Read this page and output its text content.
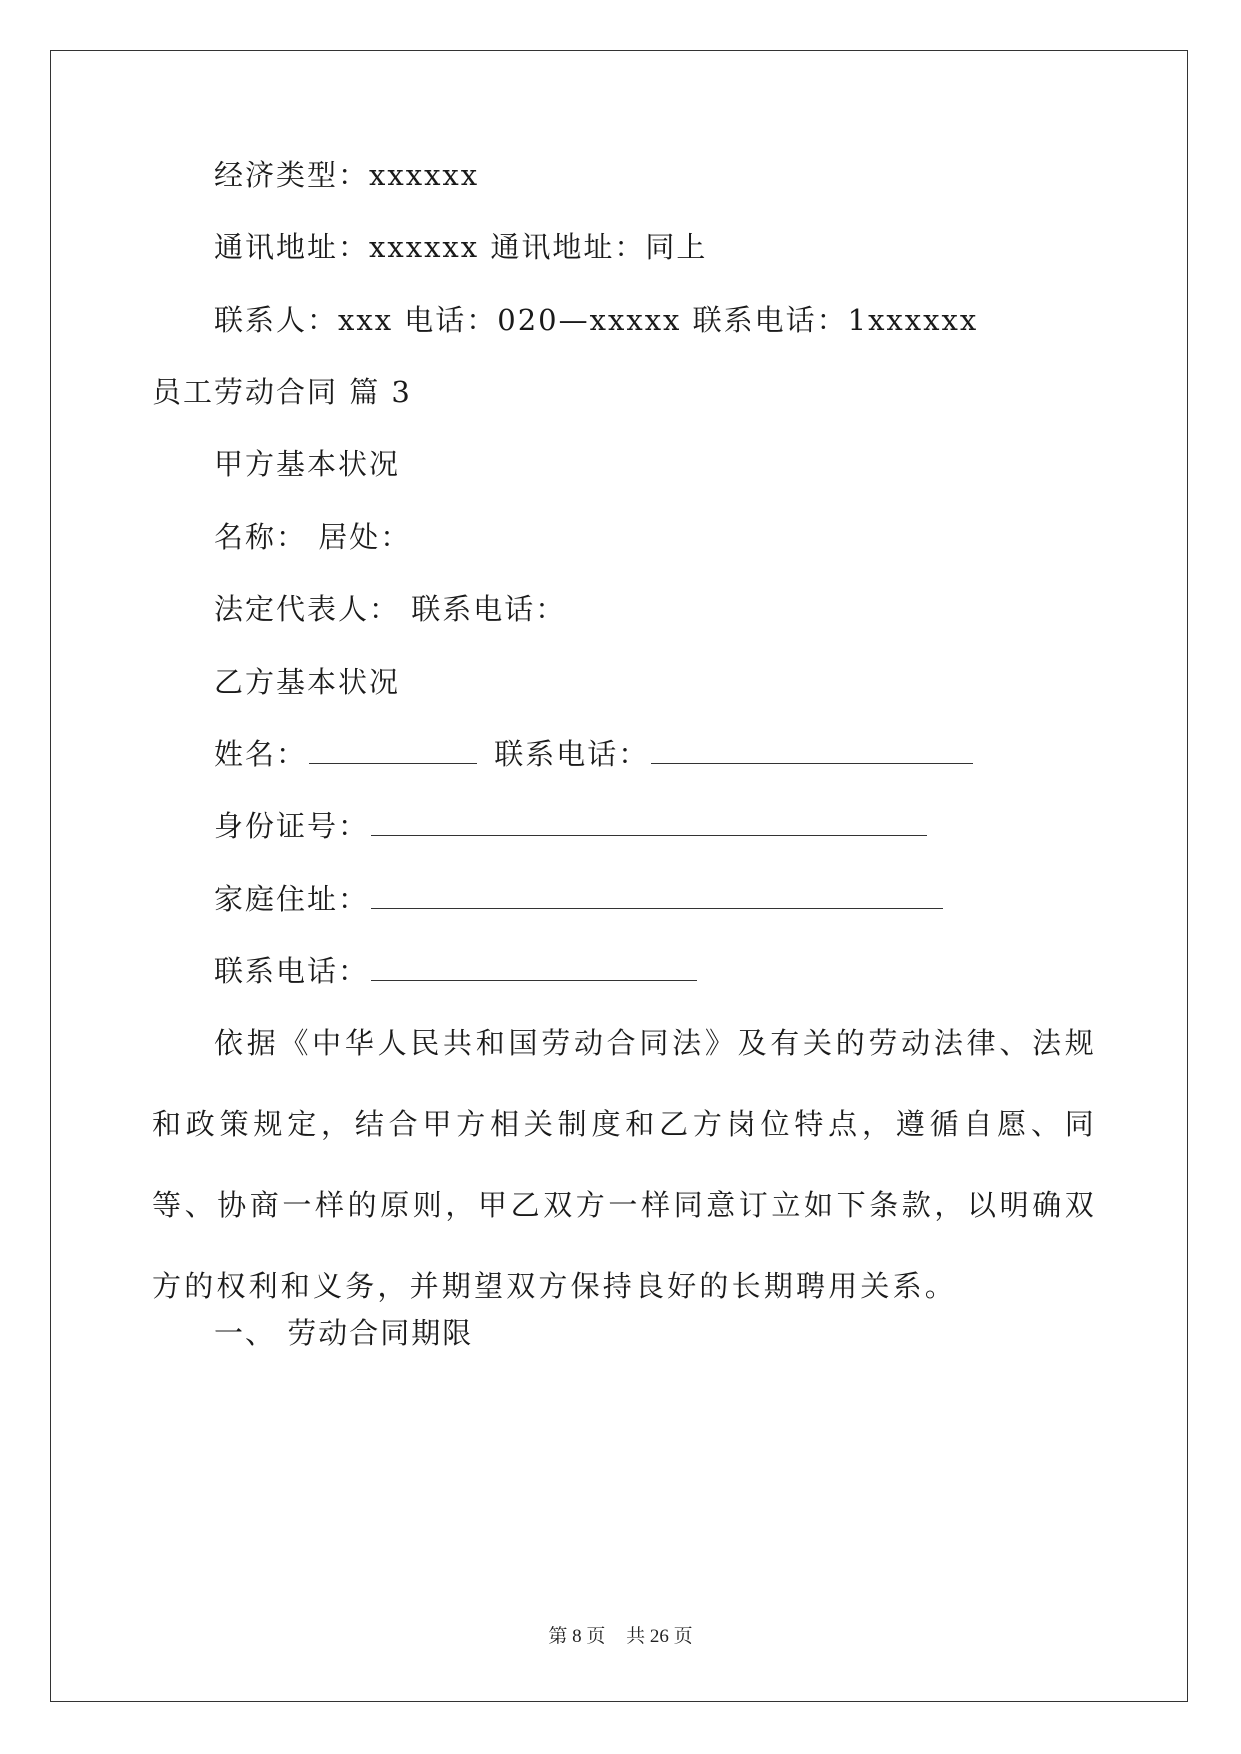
经济类型：xxxxxx
通讯地址：xxxxxx 通讯地址：同上
联系人：xxx 电话：020—xxxxx 联系电话：1xxxxxx
员工劳动合同 篇 3
甲方基本状况
名称： 居处：
法定代表人： 联系电话：
乙方基本状况
姓名：	联系电话：
身份证号：
家庭住址：
联系电话：
依据《中华人民共和国劳动合同法》及有关的劳动法律、法规和政策规定，结合甲方相关制度和乙方岗位特点，遵循自愿、同等、协商一样的原则，甲乙双方一样同意订立如下条款，以明确双方的权利和义务，并期望双方保持良好的长期聘用关系。
一、 劳动合同期限
第 8 页 共 26 页
